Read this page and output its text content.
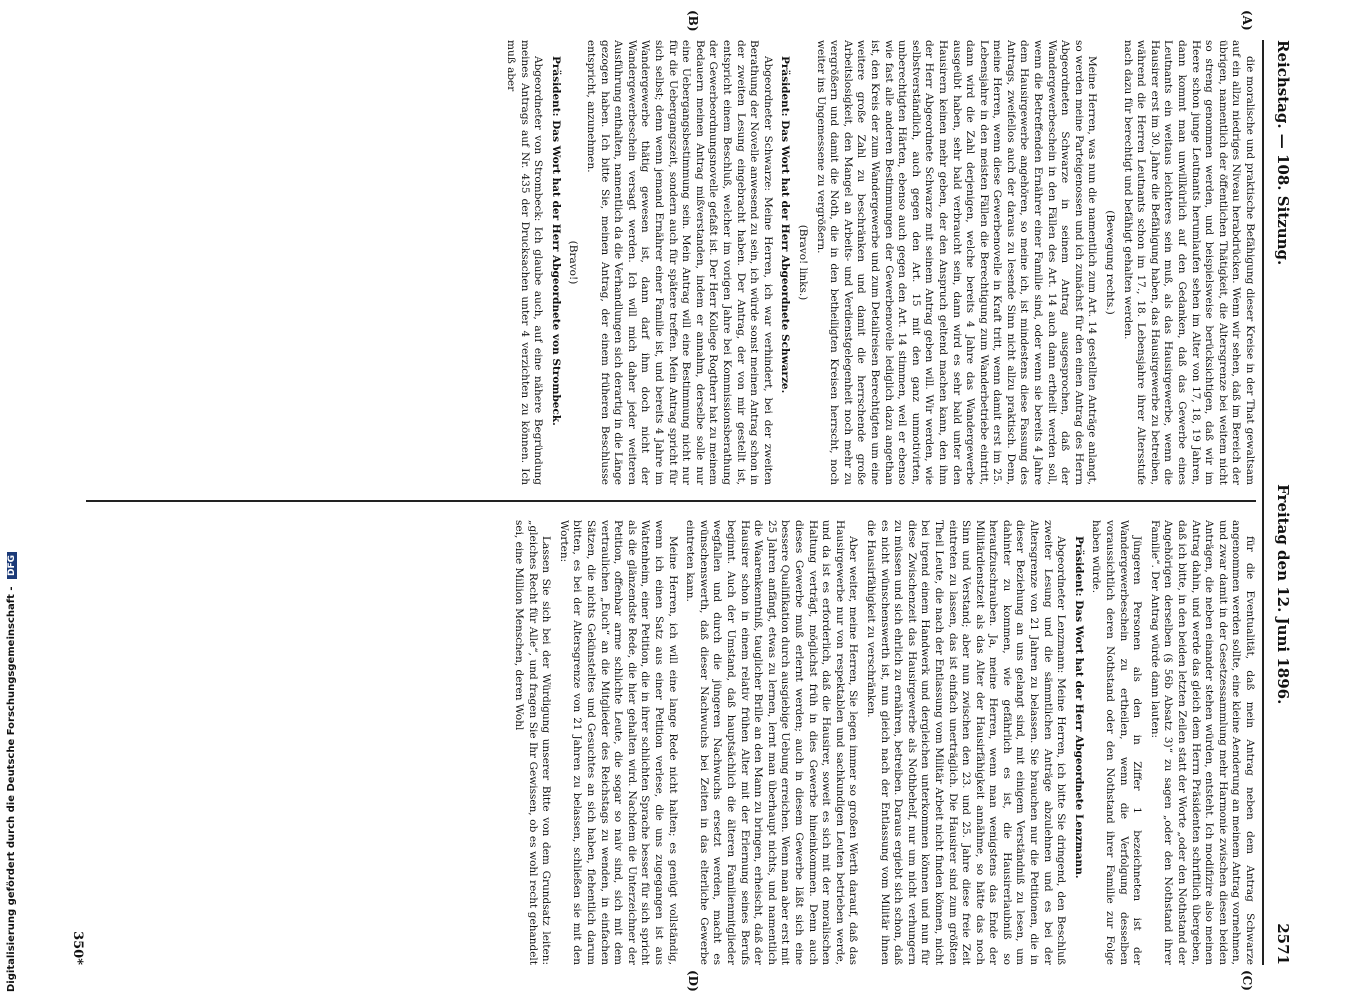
Reichstag. — 108. Sitzung.
Freitag den 12. Juni 1896.
2571
(A)
(B)
(C)
(D)

die moralische und praktische Befähigung dieser Kreise in der That gewaltsam auf ein allzu niedriges Niveau herabdrücken. Wenn wir sehen, daß im Bereich der übrigen, namentlich der öffentlichen Thätigkeit, die Altersgrenze bei weitem nicht so streng genommen werden, und beispielsweise berücksichtigen, daß wir im Heere schon junge Leutnants herumlaufen sehen im Alter von 17, 18, 19 Jahren, dann kommt man unwillkürlich auf den Gedanken, daß das Gewerbe eines Leutnants ein weitaus leichteres sein muß, als das Hausirgewerbe, wenn die Hausirer erst im 30. Jahre die Befähigung haben, das Hausirgewerbe zu betreiben, während die Herren Leutnants schon im 17., 18. Lebensjahre ihrer Altersstufe nach dazu für berechtigt und befähigt gehalten werden.

(Bewegung rechts.)

Meine Herren, was nun die namentlich zum Art. 14 gestellten Anträge anlangt, so werden meine Parteigenossen und ich zunächst für den einen Antrag des Herrn Abgeordneten Schwarze in seinem Antrag ausgesprochen, daß der Wandergewerbeschein in den Fällen des Art. 14 auch dann ertheilt werden soll, wenn die Betreffenden Ernährer einer Familie sind, oder wenn sie bereits 4 Jahre dem Hausirgewerbe angehören, so meine ich, ist mindestens diese Fassung des Antrags, zweifellos auch der daraus zu lesende Sinn nicht allzu praktisch. Denn, meine Herren, wenn diese Gewerbenovelle in Kraft tritt, wenn damit erst im 25. Lebensjahre in den meisten Fällen die Berechtigung zum Wanderbetriebe eintritt, dann wird die Zahl derjenigen, welche bereits 4 Jahre das Wandergewerbe ausgeübt haben, sehr bald verbraucht sein, dann wird es sehr bald unter den Hausirern keinen mehr geben, der den Anspruch geltend machen kann, den ihm der Herr Abgeordnete Schwarze mit seinem Antrag geben will. Wir werden, wie selbstverständlich, auch gegen den Art. 15 mit den ganz unmotivirten, unberechtigten Härten, ebenso auch gegen den Art. 14 stimmen, weil er ebenso wie fast alle anderen Bestimmungen der Gewerbenovelle lediglich dazu angethan ist, den Kreis der zum Wandergewerbe und zum Detailreisen Berechtigten um eine weitere große Zahl zu beschränken und damit die herrschende große Arbeitslosigkeit, den Mangel an Arbeits- und Verdienstgelegenheit noch mehr zu vergrößern und damit die Noth, die in den betheiligten Kreisen herrscht, noch weiter ins Ungemessene zu vergrößern.

(Bravo! links.)

Präsident: Das Wort hat der Herr Abgeordnete Schwarze.

Abgeordneter Schwarze: Meine Herren, ich war verhindert, bei der zweiten Berathung der Novelle anwesend zu sein, ich würde sonst meinen Antrag schon in der zweiten Lesung eingebracht haben. Der Antrag, der von mir gestellt ist, entspricht einem Beschluß, welcher im vorigen Jahre bei Kommissionsberathung der Gewerbeordnungsnovelle gefaßt ist. Der Herr Kollege Rogtherr hat zu meinem Bedauern meinen Antrag mißverstanden, indem er annahm, derselbe solle nur eine Uebergangsbestimmung sein. Mein Antrag will eine Bestimmung nicht nur für die Uebergangszeit, sondern auch für spätere treffen. Mein Antrag spricht für sich selbst; denn wenn jemand Ernährer einer Familie ist, und bereits 4 Jahre im Wandergewerbe thätig gewesen ist, dann darf ihm doch nicht der Wandergewerbeschein versagt werden. Ich will mich daher jeder weiteren Ausführung enthalten, namentlich da die Verhandlungen sich derartig in die Länge gezogen haben. Ich bitte Sie, meinen Antrag, der einem früheren Beschlusse entspricht, anzunehmen.

(Bravo!)

Präsident: Das Wort hat der Herr Abgeordnete von Strombeck.

Abgeordneter von Strombeck: Ich glaube auch, auf eine nähere Begründung meines Antrags auf Nr. 435 der Drucksachen unter 4 verzichten zu können. Ich muß aber

für die Eventualität, daß mein Antrag neben dem Antrag Schwarze angenommen werden sollte, eine kleine Aenderung an meinem Antrag vornehmen, und zwar damit in der Gesetzessammlung mehr Harmonie zwischen diesen beiden Anträgen, die neben einander stehen würden, entsteht. Ich modifizire also meinen Antrag dahin, und werde das gleich dem Herrn Präsidenten schriftlich übergeben, daß ich bitte, in den beiden letzten Zeilen statt der Worte „oder den Nothstand der Angehörigen derselben (§ 56b Absatz 3)“ zu sagen „oder den Nothstand ihrer Familie“. Der Antrag würde dann lauten:

Jüngeren Personen als den in Ziffer 1 bezeichneten ist der Wandergewerbeschein zu ertheilen, wenn die Verfolgung desselben voraussichtlich deren Nothstand oder den Nothstand ihrer Familie zur Folge haben würde.

Präsident: Das Wort hat der Herr Abgeordnete Lenzmann.

Abgeordneter Lenzmann: Meine Herren, ich bitte Sie dringend, den Beschluß zweiter Lesung und die sämmtlichen Anträge abzulehnen und es bei der Altersgrenze von 21 Jahren zu belassen. Sie brauchen nur die Petitionen, die in dieser Beziehung an uns gelangt sind, mit einigem Verständniß zu lesen, um dahinter zu kommen, wie gefährlich es ist, die Hausirerlaubniß so heraufzuschrauben. Ja, meine Herren, wenn man wenigstens das Ende der Militärdienstzeit als das Alter der Hausirfähigkeit annähme, so hätte das noch Sinn und Verstand; aber nun zwischen den 23. und 25. Jahre diese freie Zeit eintreten zu lassen, das ist einfach unerträglich. Die Hausirer sind zum größten Theil Leute, die nach der Entlassung vom Militär Arbeit nicht finden können, nicht bei irgend einem Handwerk und dergleichen unterkommen können und nun für diese Zwischenzeit das Hausirgewerbe als Nothbehelf, nur um nicht verhungern zu müssen und sich ehrlich zu ernähren, betreiben. Daraus ergiebt sich schon, daß es nicht wünschenswerth ist, nun gleich nach der Entlassung vom Militär ihnen die Hausirfähigkeit zu verschränken.

Aber weiter, meine Herren, Sie legen immer so großen Werth darauf, daß das Hausirgewerbe nur von respektablen und sachkundigen Leuten betrieben werde, und da ist es erforderlich, daß die Hausirer, soweit es sich mit der moralischen Haltung verträgt, möglichst früh in dies Gewerbe hineinkommen. Denn auch dieses Gewerbe muß erlernt werden; auch in diesem Gewerbe läßt sich eine bessere Qualifikation durch ausgiebige Uebung erreichen. Wenn man aber erst mit 25 Jahren anfängt, etwas zu lernen, lernt man überhaupt nichts, und namentlich die Waarenkenntniß, tauglicher Brille an den Mann zu bringen, erheischt, daß der Hausirer schon in einem relativ frühen Alter mit der Erlernung seines Berufs beginnt. Auch der Umstand, daß hauptsächlich die älteren Familienmitglieder wegfallen und durch die jüngeren Nachwuchs ersetzt werden, macht es wünschenswerth, daß dieser Nachwuchs bei Zeiten in das elterliche Gewerbe eintreten kann.

Meine Herren, ich will eine lange Rede nicht halten; es genügt vollständig, wenn ich einen Satz aus einer Petition verlese, die uns zugegangen ist aus Wattenheim, einer Petition, die in ihrer schlichten Sprache besser für sich spricht als die glänzendste Rede, die hier gehalten wird. Nachdem die Unterzeichner der Petition, offenbar arme schlichte Leute, die sogar so naiv sind, sich mit dem vertraulichen „Euch“ an die Mitglieder des Reichstags zu wenden, in einfachen Sätzen, die nichts Gekünsteltes und Gesuchtes an sich haben, flehentlich darum bitten, es bei der Altersgrenze von 21 Jahren zu belassen, schließen sie mit den Worten:

Lassen Sie sich bei der Würdigung unserer Bitte von dem Grundsatz leiten: „gleiches Recht für Alle“, und fragen Sie Ihr Gewissen, ob es wohl recht gehandelt sei, eine Million Menschen, deren Wohl

350*
Digitalisierung gefördert durch die Deutsche Forschungsgemeinschaft - DFG
